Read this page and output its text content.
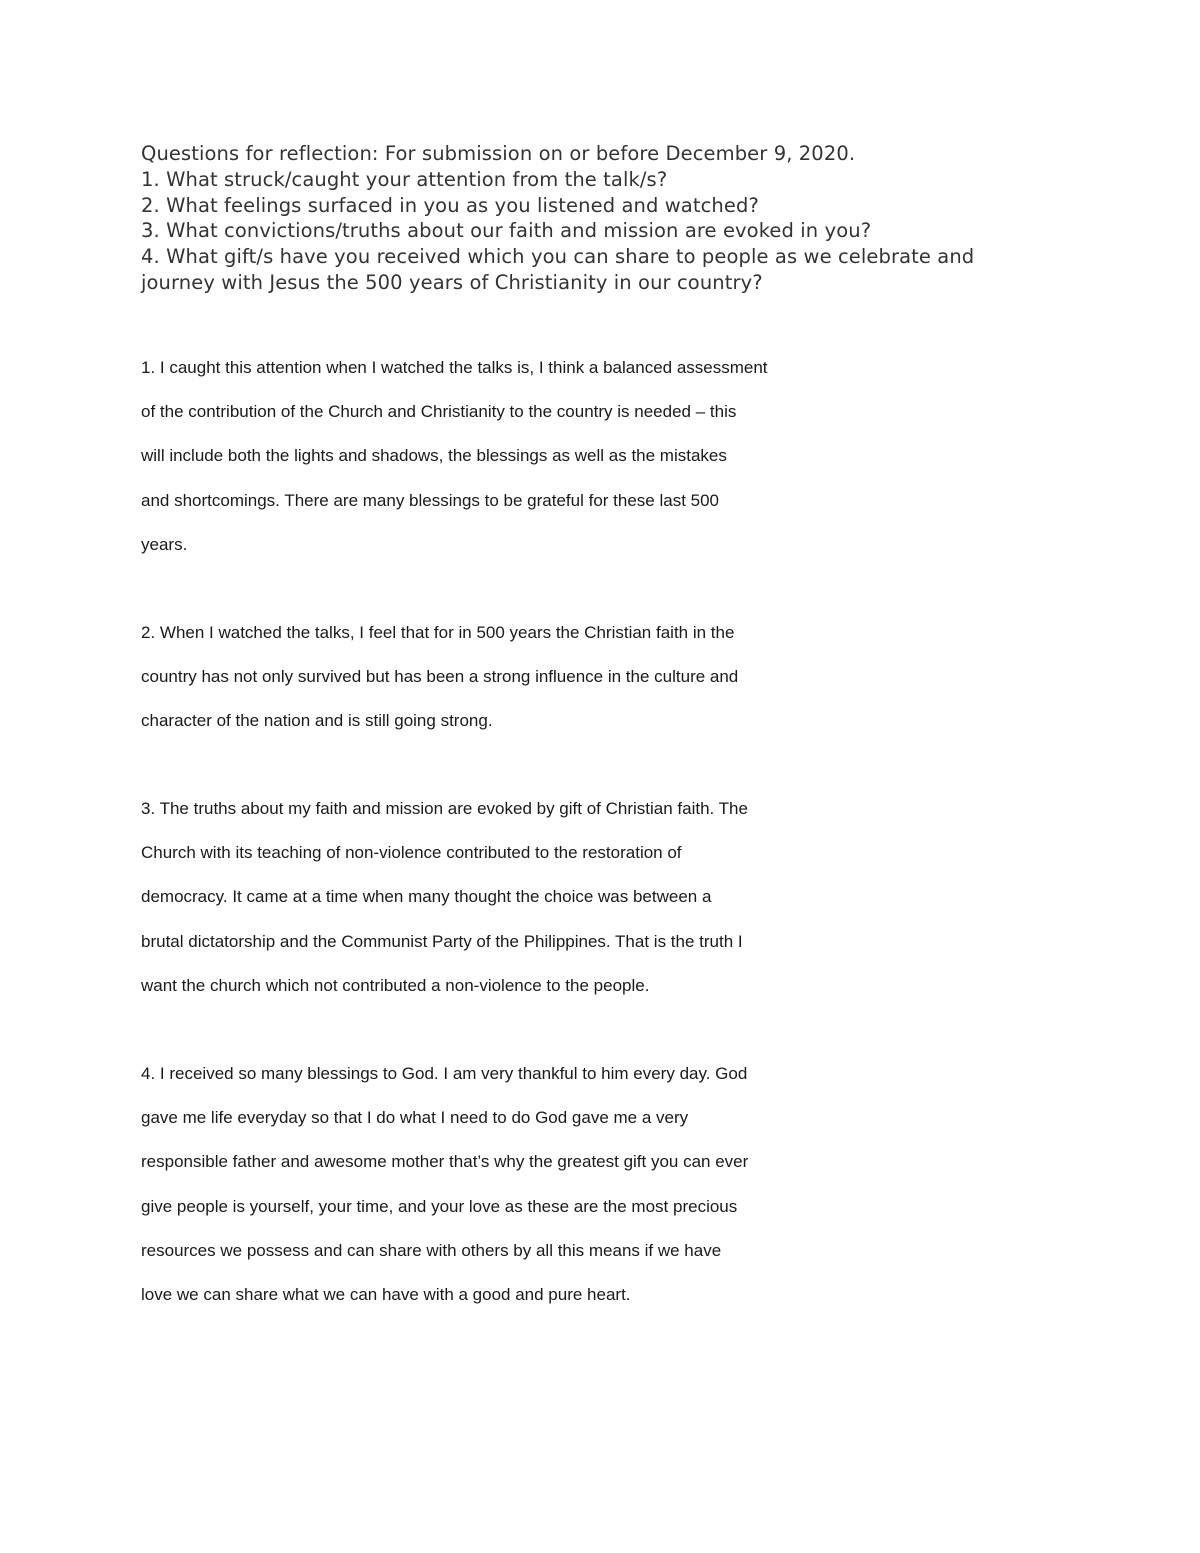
Questions for reflection: For submission on or before December 9, 2020.
1. What struck/caught your attention from the talk/s?
2. What feelings surfaced in you as you listened and watched?
3. What convictions/truths about our faith and mission are evoked in you?
4. What gift/s have you received which you can share to people as we celebrate and
journey with Jesus the 500 years of Christianity in our country?
1. I caught this attention when I watched the talks is, I think a balanced assessment
of the contribution of the Church and Christianity to the country is needed – this
will include both the lights and shadows, the blessings as well as the mistakes
and shortcomings. There are many blessings to be grateful for these last 500
years.
2. When I watched the talks, I feel that for in 500 years the Christian faith in the
country has not only survived but has been a strong influence in the culture and
character of the nation and is still going strong.
3. The truths about my faith and mission are evoked by gift of Christian faith. The
Church with its teaching of non-violence contributed to the restoration of
democracy. It came at a time when many thought the choice was between a
brutal dictatorship and the Communist Party of the Philippines. That is the truth I
want the church which not contributed a non-violence to the people.
4. I received so many blessings to God. I am very thankful to him every day. God
gave me life everyday so that I do what I need to do God gave me a very
responsible father and awesome mother that’s why the greatest gift you can ever
give people is yourself, your time, and your love as these are the most precious
resources we possess and can share with others by all this means if we have
love we can share what we can have with a good and pure heart.
